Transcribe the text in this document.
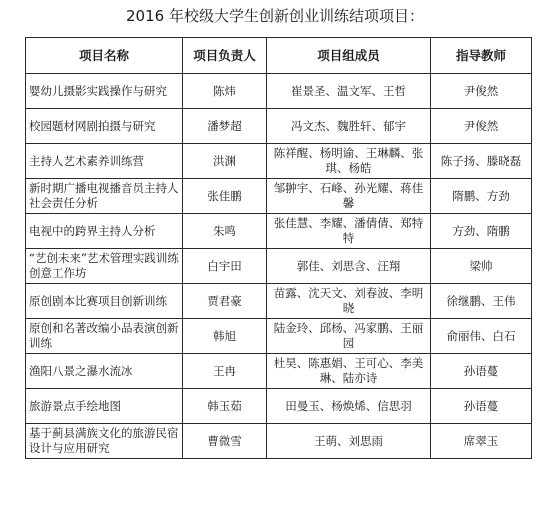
2016 年校级大学生创新创业训练结项项目：
项目名称	项目负责人	项目组成员	指导教师
婴幼儿摄影实践操作与研究	陈炜	崔景圣、温文军、王哲	尹俊然
校园题材网剧拍摄与研究	潘梦超	冯文杰、魏胜轩、郁宇	尹俊然
主持人艺术素养训练营	洪渊	陈祥醒、杨明谕、王琳麟、张琪、杨皓	陈子扬、滕晓磊
新时期广播电视播音员主持人社会责任分析	张佳鹏	邹翀宇、石峰、孙光耀、蒋佳馨	隋鹏、方劲
电视中的跨界主持人分析	朱鸣	张佳慧、李耀、潘倩倩、郑特特	方劲、隋鹏
“艺创未来”艺术管理实践训练创意工作坊	白宇田	郭佳、刘思含、汪翔	梁帅
原创剧本比赛项目创新训练	贾君豪	苗露、沈天文、刘春波、李明晓	徐继鹏、王伟
原创和名著改编小品表演创新训练	韩旭	陆金玲、邱杨、冯家鹏、王丽园	俞丽伟、白石
渔阳八景之瀑水流冰	王冉	杜昊、陈惠娟、王可心、李美琳、陆亦诗	孙语蔓
旅游景点手绘地图	韩玉茹	田曼玉、杨焕烯、信思羽	孙语蔓
基于蓟县满族文化的旅游民宿设计与应用研究	曹微雪	王萌、刘思雨	席翠玉
